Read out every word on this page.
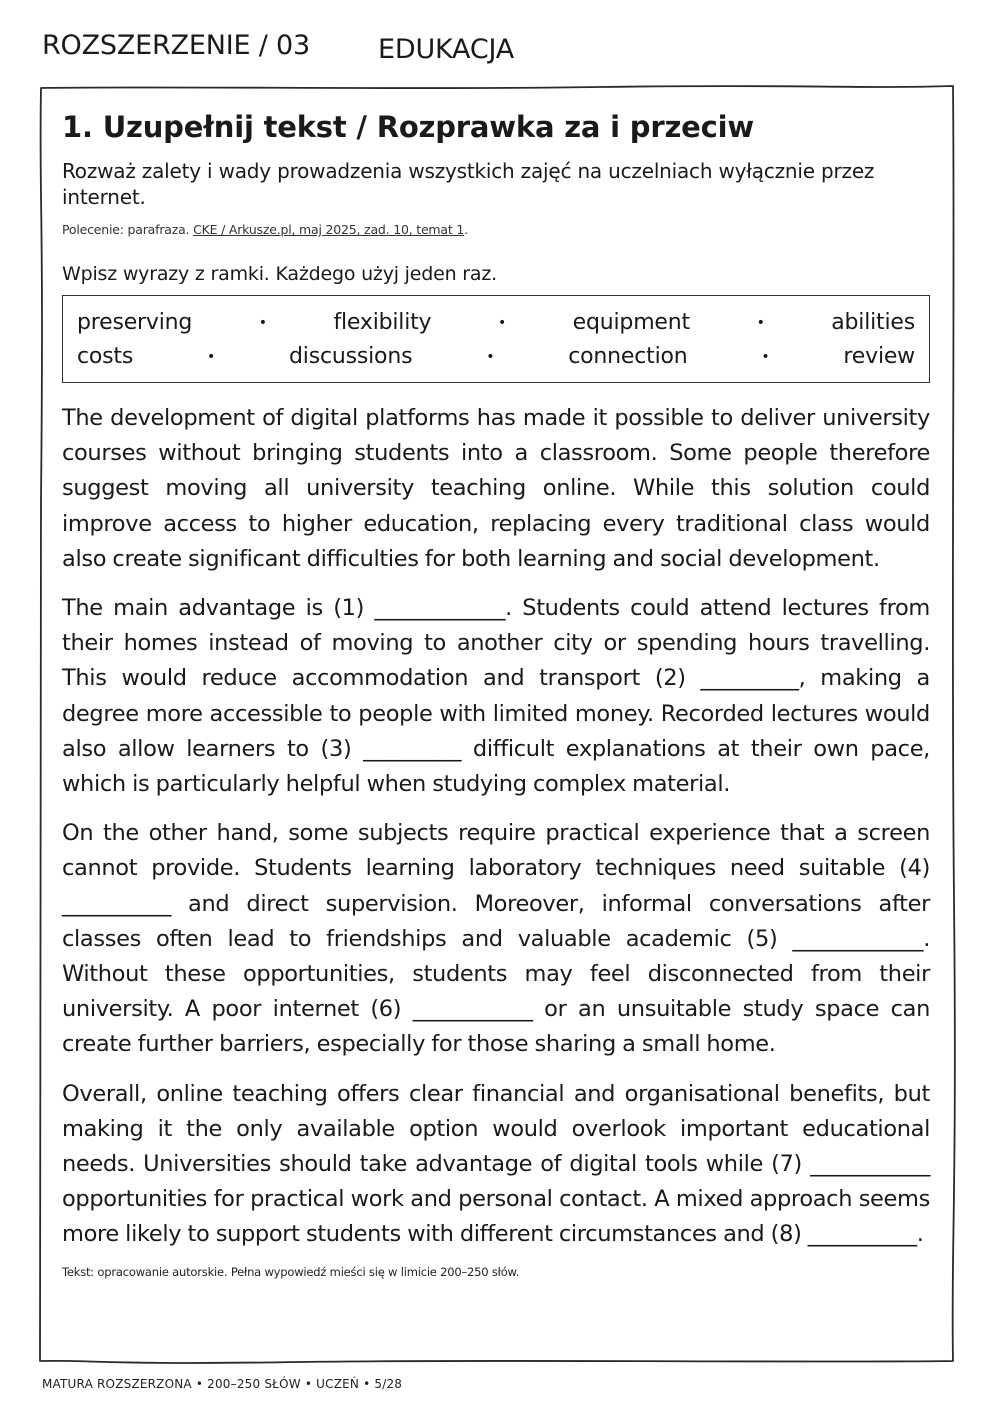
ROZSZERZENIE / 03	EDUKACJA
1. Uzupełnij tekst / Rozprawka za i przeciw

Rozważ zalety i wady prowadzenia wszystkich zajęć na uczelniach wyłącznie przez internet.

Polecenie: parafraza. CKE / Arkusze.pl, maj 2025, zad. 10, temat 1.

Wpisz wyrazy z ramki. Każdego użyj jeden raz.

preserving	•	flexibility	•	equipment	•	abilities
costs	•	discussions	•	connection	•	review

The development of digital platforms has made it possible to deliver university courses without bringing students into a classroom. Some people therefore suggest moving all university teaching online. While this solution could improve access to higher education, replacing every traditional class would also create significant difficulties for both learning and social development.

The main advantage is (1) ____________. Students could attend lectures from their homes instead of moving to another city or spending hours travelling. This would reduce accommodation and transport (2) _________, making a degree more accessible to people with limited money. Recorded lectures would also allow learners to (3) _________ difficult explanations at their own pace, which is particularly helpful when studying complex material.

On the other hand, some subjects require practical experience that a screen cannot provide. Students learning laboratory techniques need suitable (4) __________ and direct supervision. Moreover, informal conversations after classes often lead to friendships and valuable academic (5) ____________. Without these opportunities, students may feel disconnected from their university. A poor internet (6) ___________ or an unsuitable study space can create further barriers, especially for those sharing a small home.

Overall, online teaching offers clear financial and organisational benefits, but making it the only available option would overlook important educational needs. Universities should take advantage of digital tools while (7) ___________ opportunities for practical work and personal contact. A mixed approach seems more likely to support students with different circumstances and (8) __________.

Tekst: opracowanie autorskie. Pełna wypowiedź mieści się w limicie 200–250 słów.
MATURA ROZSZERZONA • 200–250 SŁÓW • UCZEŃ • 5/28
